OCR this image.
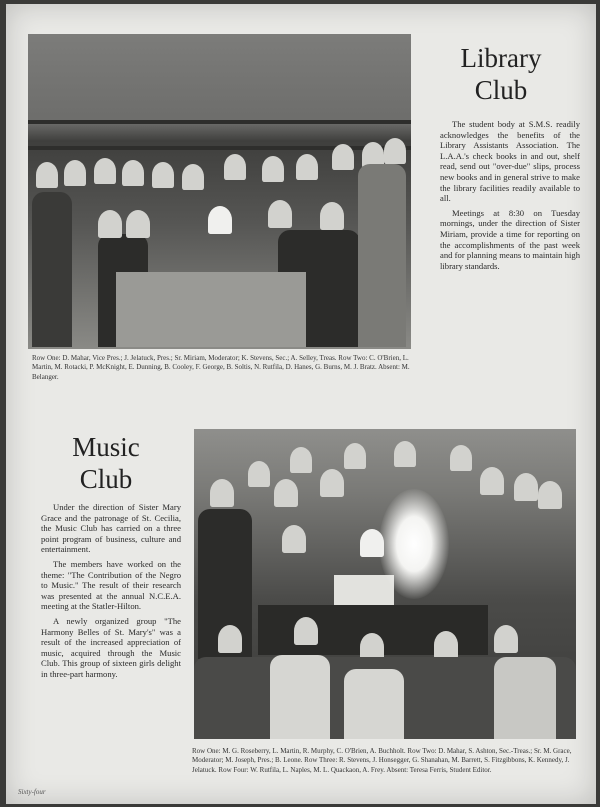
Library
Club

The student body at S.M.S. readily acknowledges the benefits of the Library Assistants Association. The L.A.A.'s check books in and out, shelf read, send out "over-due" slips, process new books and in general strive to make the library facilities readily available to all.

Meetings at 8:30 on Tuesday mornings, under the direction of Sister Miriam, provide a time for reporting on the accomplishments of the past week and for planning means to maintain high library standards.

Row One: D. Mahar, Vice Pres.; J. Jelatuck, Pres.; Sr. Miriam, Moderator; K. Stevens, Sec.; A. Selley, Treas. Row Two: C. O'Brien, L. Martin, M. Rotacki, P. McKnight, E. Dunning, B. Cooley, F. George, B. Soltis, N. Rutfila, D. Hanes, G. Burns, M. J. Bratz. Absent: M. Belanger.
Music
Club

Under the direction of Sister Mary Grace and the patronage of St. Cecilia, the Music Club has carried on a three point program of business, culture and entertainment.

The members have worked on the theme: "The Contribution of the Negro to Music." The result of their research was presented at the annual N.C.E.A. meeting at the Statler-Hilton.

A newly organized group "The Harmony Belles of St. Mary's" was a result of the increased appreciation of music, acquired through the Music Club. This group of sixteen girls delight in three-part harmony.

Row One: M. G. Roseberry, L. Martin, R. Murphy, C. O'Brien, A. Buchholt. Row Two: D. Mahar, S. Ashton, Sec.-Treas.; Sr. M. Grace, Moderator; M. Joseph, Pres.; B. Leone. Row Three: R. Stevens, J. Honsegger, G. Shanahan, M. Barrett, S. Fitzgibbons, K. Kennedy, J. Jelatuck. Row Four: W. Rutfila, L. Naples, M. L. Quackaon, A. Frey. Absent: Teresa Ferris, Student Editor.
Sixty-four
